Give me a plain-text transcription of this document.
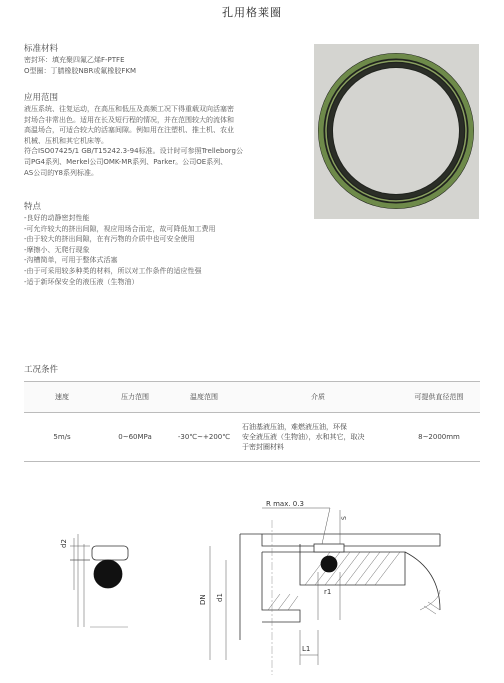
孔用格莱圈
标准材料
密封环：填充聚四氟乙烯F-PTFE
O型圈：丁腈橡胶NBR或氟橡胶FKM
应用范围
液压系统、往复运动，在高压和低压及高频工况下得重载双向活塞密
封场合非常出色。适用在长及短行程的情况，并在范围较大的流体和
高温场合，可适合较大的活塞间隙。例如用在注塑机、推土机、农业
机械、压机和其它机床等。
符合ISO07425/1 GB/T15242.3-94标准。设计时可参照Trelleborg公
司PG4系列、Merkel公司OMK-MR系列、Parker。公司OE系列、
AS公司的Y8系列标准。
特点
-良好的动静密封性能
-可允许较大的挤出间隙，视应用场合而定，故可降低加工费用
-由于较大的挤出间隙，在有污物的介质中也可安全使用
-摩擦小、无爬行现象
-沟槽简单，可用于整体式活塞
-由于可采用较多种类的材料，所以对工作条件的适应性强
-适于新环保安全的液压液（生物油）
工况条件
速度	压力范围	温度范围	介质	可提供直径范围
5m/s	0~60MPa	-30℃~+200℃	石油基液压油，难燃液压油，环保
安全液压液（生物油），水和其它，取决
于密封圈材料	8~2000mm
d2
R max. 0.3
S
DN d1
r1
L1
